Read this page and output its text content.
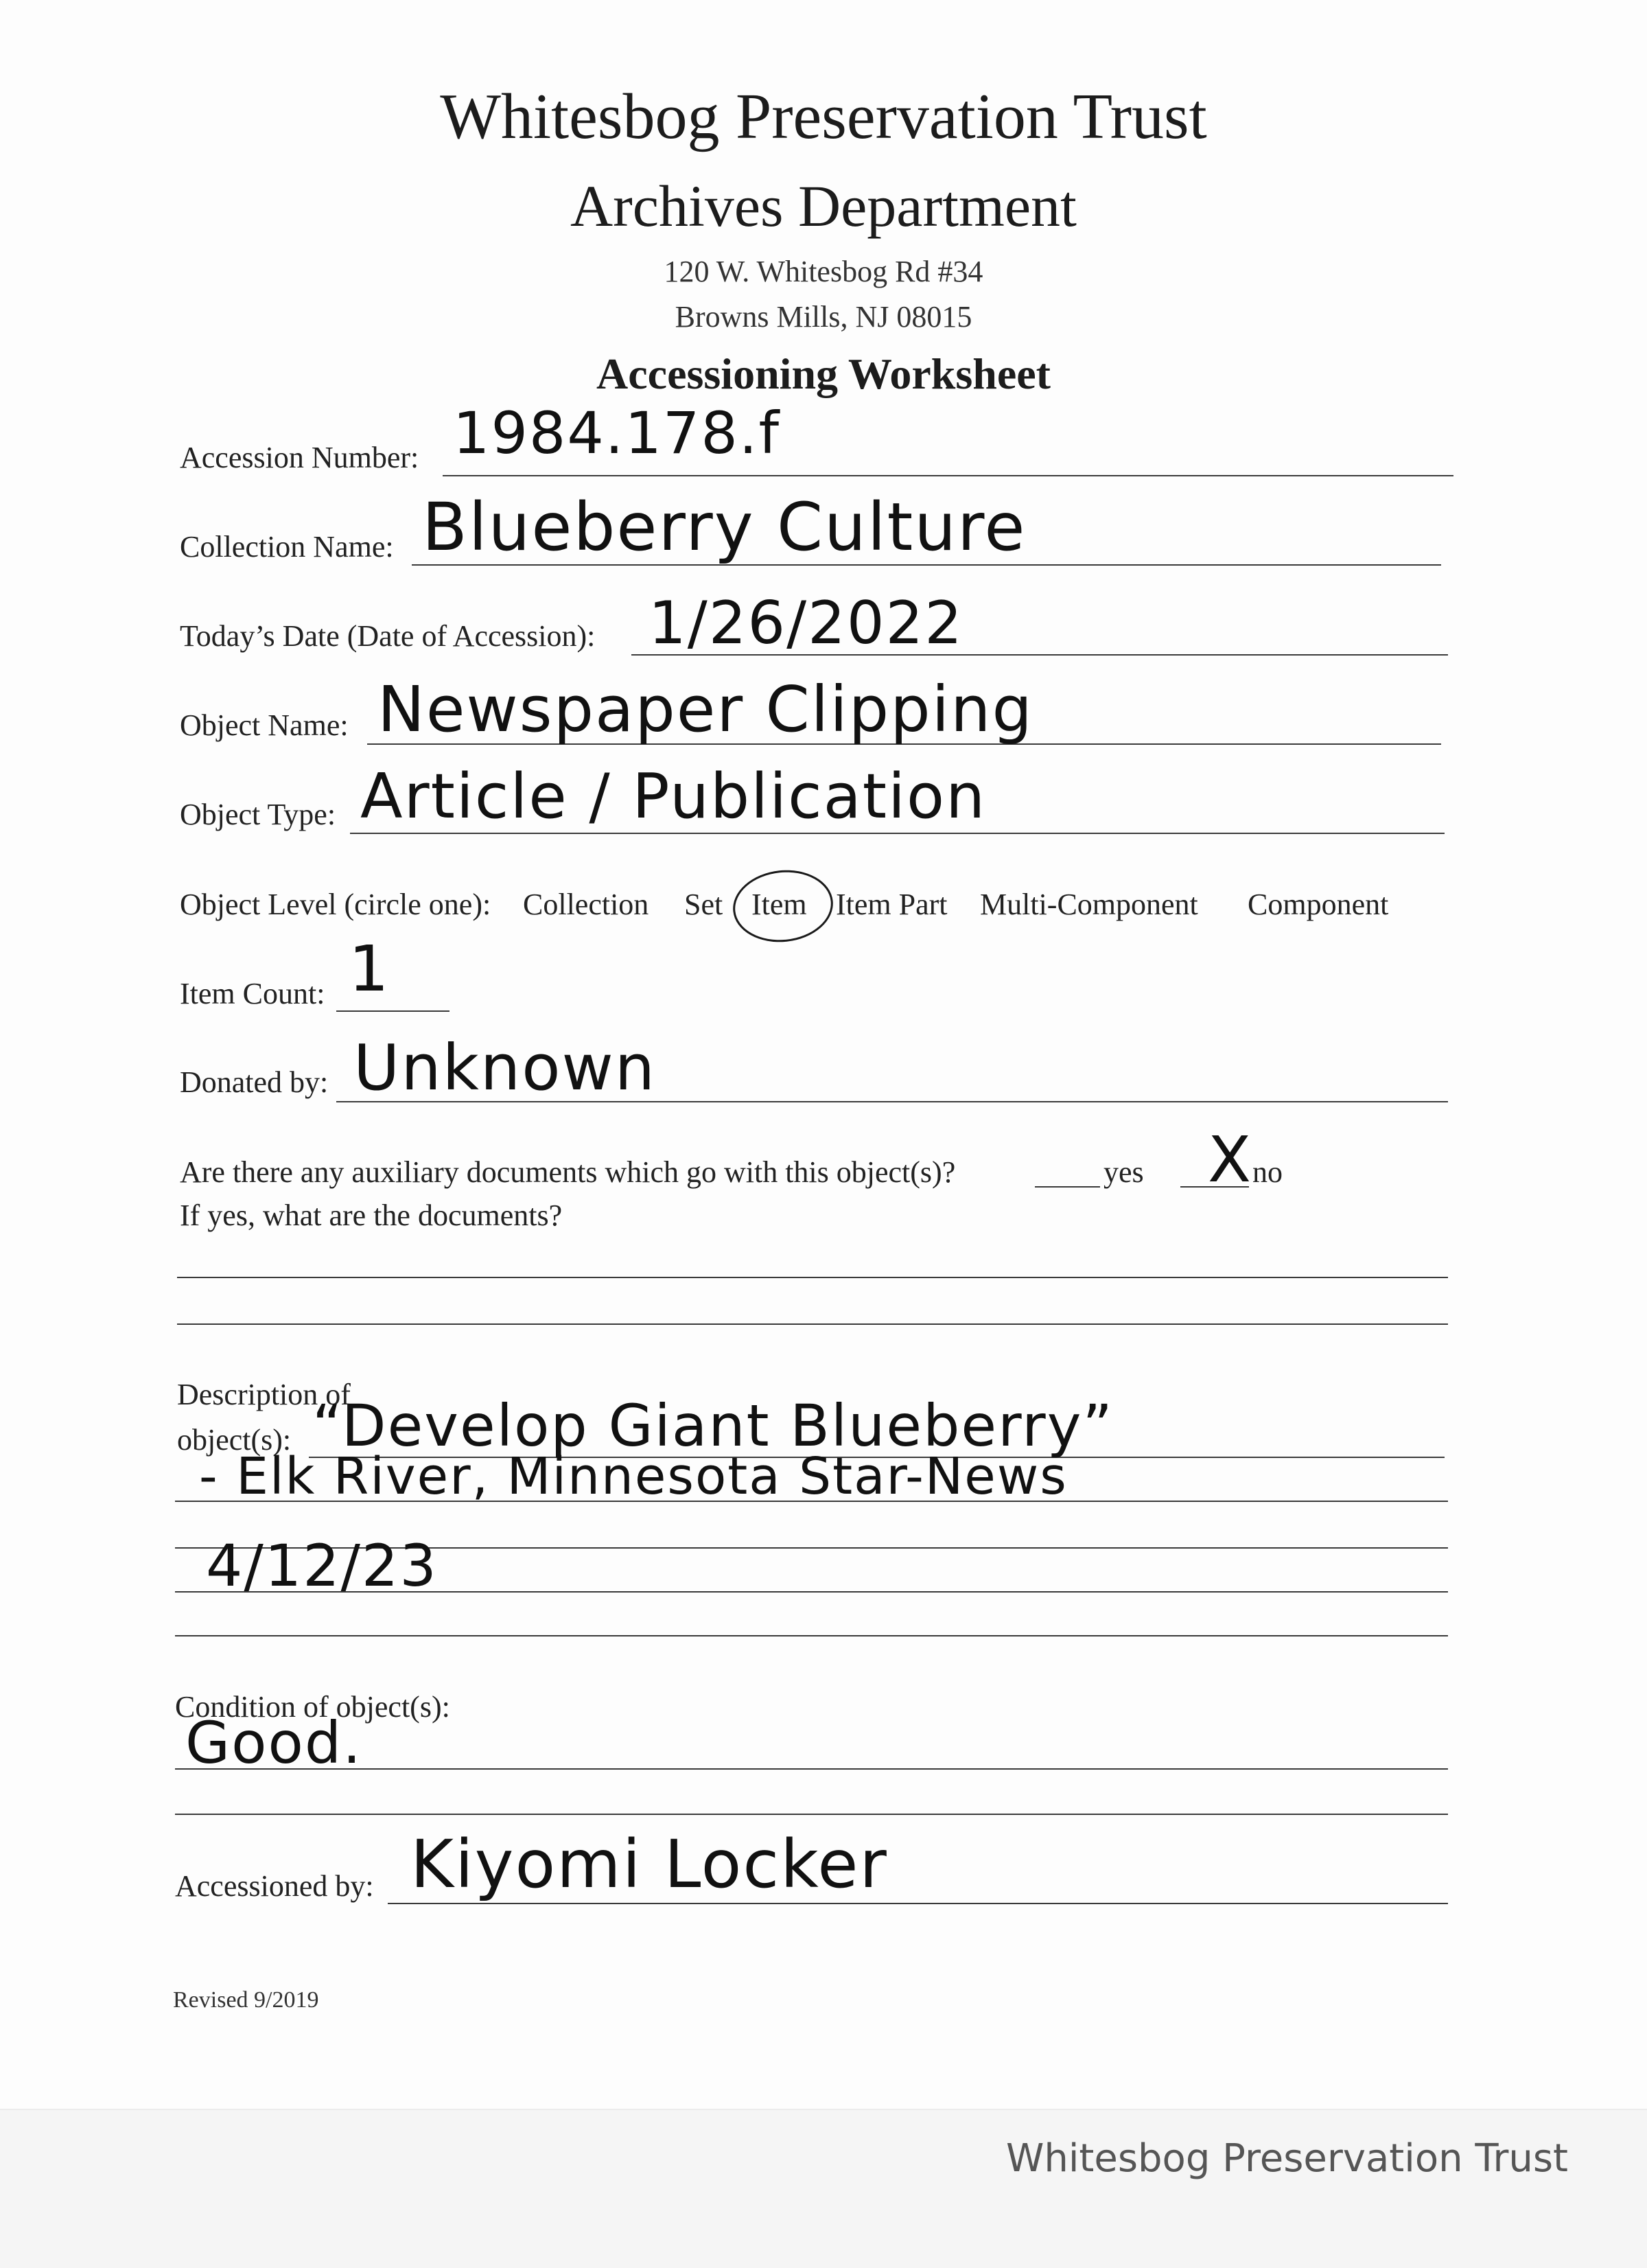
Whitesbog Preservation Trust
Archives Department
120 W. Whitesbog Rd #34
Browns Mills, NJ 08015
Accessioning Worksheet
Accession Number: 1984.178.f
Collection Name: Blueberry Culture
Today’s Date (Date of Accession): 1/26/2022
Object Name: Newspaper Clipping
Object Type: Article / Publication
Object Level (circle one): Collection Set Item Item Part Multi-Component Component
Item Count: 1
Donated by: Unknown
Are there any auxiliary documents which go with this object(s)?	yes X no
If yes, what are the documents?
Description of
object(s): “Develop Giant Blueberry”
- Elk River, Minnesota Star-News
4/12/23
Condition of object(s):
Good.
Accessioned by: Kiyomi Locker
Revised 9/2019
Whitesbog Preservation Trust
